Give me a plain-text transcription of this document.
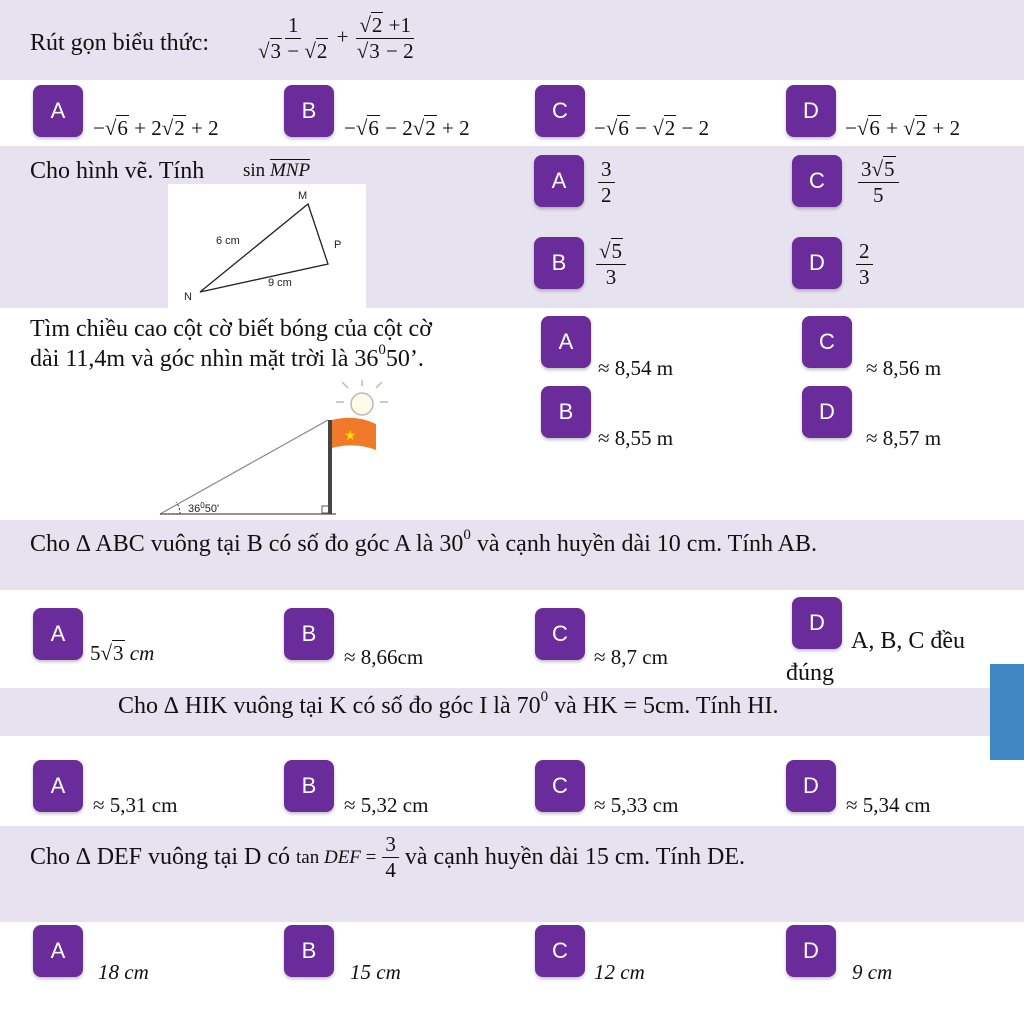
Rút gọn biểu thức: $\frac{1}{√3 - √2} + \frac{√2 +1}{√3 - 2}$
A
−√6 + 2√2 + 2
B
−√6 − 2√2 + 2
C
−√6 − √2 − 2
D
−√6 + √2 + 2
Cho hình vẽ. Tính $\sin \overline{MNP}$
M
N
P
6 cm
9 cm
A	$\frac{3}{2}$
B	$\frac{√5}{3}$
C	$\frac{3√5}{5}$
D	$\frac{2}{3}$
Tìm chiều cao cột cờ biết bóng của cột cờ
dài 11,4m và góc nhìn mặt trời là $36^050$’.
★
$36^050'$
A
≈ 8,54 m
B
≈ 8,55 m
C
≈ 8,56 m
D
≈ 8,57 m
Cho ∆ ABC vuông tại B có số đo góc A là $30^0$ và cạnh huyền dài 10 cm. Tính AB.
A
5√3 cm
B
≈ 8,66cm
C
≈ 8,7 cm
D
A, B, C đều
đúng
Cho ∆ HIK vuông tại K có số đo góc I là $70^0$ và HK = 5cm. Tính HI.
A
≈ 5,31 cm
B
≈ 5,32 cm
C
≈ 5,33 cm
D
≈ 5,34 cm
Cho ∆ DEF vuông tại D có tan DEF = $\frac{3}{4}$ và cạnh huyền dài 15 cm. Tính DE.
A
18 cm
B
15 cm
C
12 cm
D
9 cm
